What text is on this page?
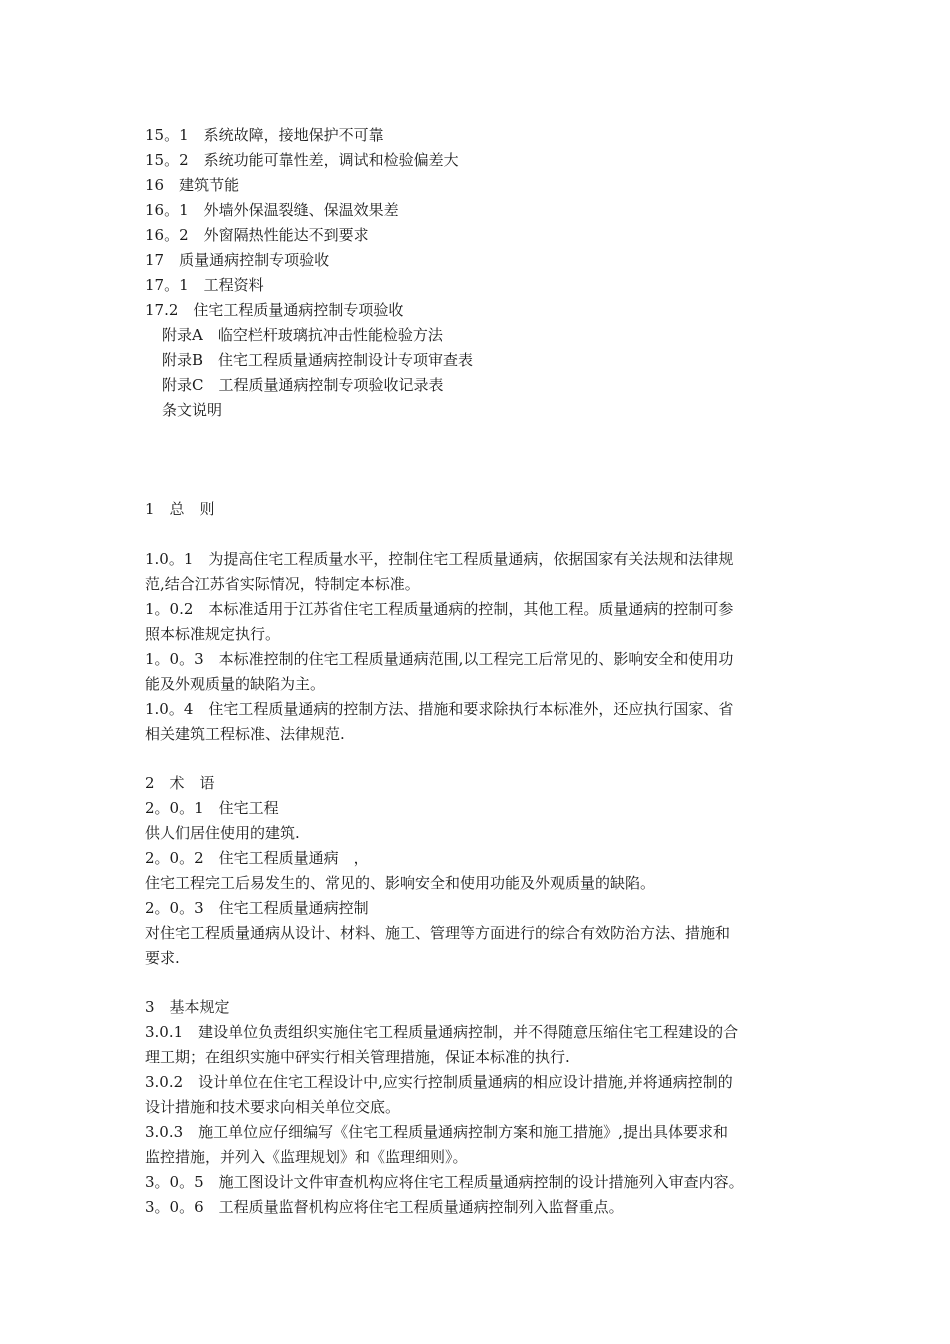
15。1　系统故障，接地保护不可靠
15。2　系统功能可靠性差，调试和检验偏差大
16　建筑节能
16。1　外墙外保温裂缝、保温效果差
16。2　外窗隔热性能达不到要求
17　质量通病控制专项验收
17。1　工程资料
17.2　住宅工程质量通病控制专项验收
附录A　临空栏杆玻璃抗冲击性能检验方法
附录B　住宅工程质量通病控制设计专项审查表
附录C　工程质量通病控制专项验收记录表
条文说明
1　总　则
1.0。1　为提高住宅工程质量水平，控制住宅工程质量通病，依据国家有关法规和法律规
范,结合江苏省实际情况，特制定本标准。
1。0.2　本标准适用于江苏省住宅工程质量通病的控制，其他工程。质量通病的控制可参
照本标准规定执行。
1。0。3　本标准控制的住宅工程质量通病范围,以工程完工后常见的、影响安全和使用功
能及外观质量的缺陷为主。
1.0。4　住宅工程质量通病的控制方法、措施和要求除执行本标准外，还应执行国家、省
相关建筑工程标准、法律规范.
2　术　语
2。0。1　住宅工程
供人们居住使用的建筑.
2。0。2　住宅工程质量通病　，
住宅工程完工后易发生的、常见的、影响安全和使用功能及外观质量的缺陷。
2。0。3　住宅工程质量通病控制
对住宅工程质量通病从设计、材料、施工、管理等方面进行的综合有效防治方法、措施和
要求.
3　基本规定
3.0.1　建设单位负责组织实施住宅工程质量通病控制，并不得随意压缩住宅工程建设的合
理工期；在组织实施中砰实行相关管理措施，保证本标准的执行.
3.0.2　设计单位在住宅工程设计中,应实行控制质量通病的相应设计措施,并将通病控制的
设计措施和技术要求向相关单位交底。
3.0.3　施工单位应仔细编写《住宅工程质量通病控制方案和施工措施》,提出具体要求和
监控措施，并列入《监理规划》和《监理细则》。
3。0。5　施工图设计文件审查机构应将住宅工程质量通病控制的设计措施列入审查内容。
3。0。6　工程质量监督机构应将住宅工程质量通病控制列入监督重点。
